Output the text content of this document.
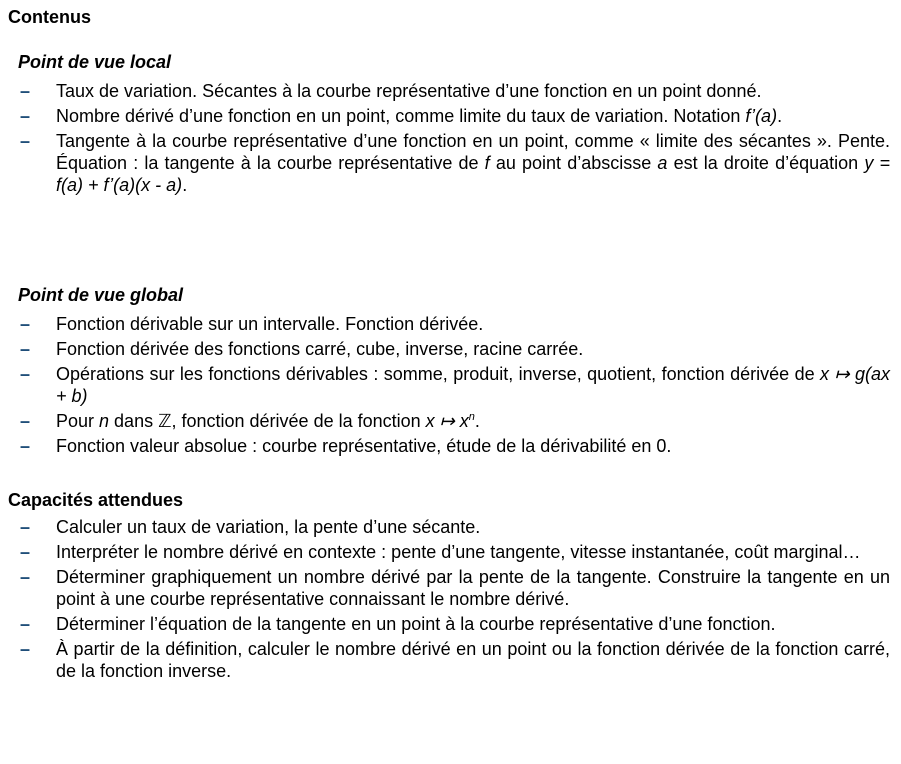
Contenus
Point de vue local
– Taux de variation. Sécantes à la courbe représentative d’une fonction en un point donné.
– Nombre dérivé d’une fonction en un point, comme limite du taux de variation. Notation f’(a).
– Tangente à la courbe représentative d’une fonction en un point, comme « limite des sécantes ». Pente. Équation : la tangente à la courbe représentative de f au point d’abscisse a est la droite d’équation y = f(a) + f’(a)(x - a).
Point de vue global
– Fonction dérivable sur un intervalle. Fonction dérivée.
– Fonction dérivée des fonctions carré, cube, inverse, racine carrée.
– Opérations sur les fonctions dérivables : somme, produit, inverse, quotient, fonction dérivée de x ↦ g(ax + b)
– Pour n dans ℤ, fonction dérivée de la fonction x ↦ $x^n$.
– Fonction valeur absolue : courbe représentative, étude de la dérivabilité en 0.
Capacités attendues
– Calculer un taux de variation, la pente d’une sécante.
– Interpréter le nombre dérivé en contexte : pente d’une tangente, vitesse instantanée, coût marginal…
– Déterminer graphiquement un nombre dérivé par la pente de la tangente. Construire la tangente en un point à une courbe représentative connaissant le nombre dérivé.
– Déterminer l’équation de la tangente en un point à la courbe représentative d’une fonction.
– À partir de la définition, calculer le nombre dérivé en un point ou la fonction dérivée de la fonction carré, de la fonction inverse.
